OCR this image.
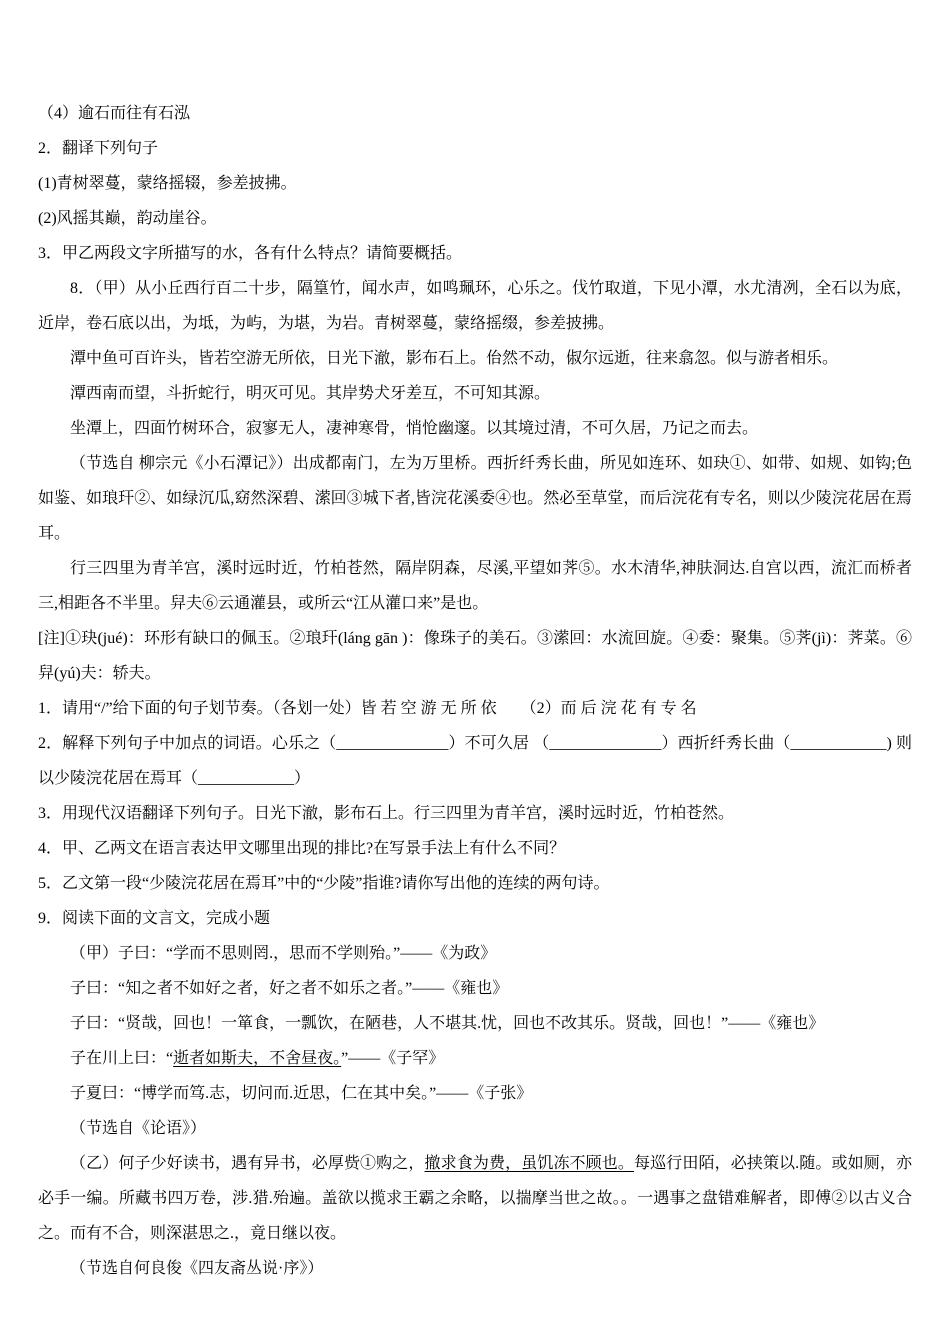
（4）逾石而往有石泓
2．翻译下列句子
(1)青树翠蔓，蒙络摇辍，参差披拂。
(2)风摇其巅，韵动崖谷。
3．甲乙两段文字所描写的水，各有什么特点？请简要概括。
8．（甲）从小丘西行百二十步，隔篁竹，闻水声，如鸣珮环，心乐之。伐竹取道，下见小潭，水尤清冽，全石以为底，近岸，卷石底以出，为坻，为屿，为堪，为岩。青树翠蔓，蒙络摇缀，参差披拂。
潭中鱼可百许头，皆若空游无所依，日光下澈，影布石上。佁然不动，俶尔远逝，往来翕忽。似与游者相乐。
潭西南而望，斗折蛇行，明灭可见。其岸势犬牙差互，不可知其源。
坐潭上，四面竹树环合，寂寥无人，凄神寒骨，悄怆幽邃。以其境过清，不可久居，乃记之而去。
（节选自 柳宗元《小石潭记》）出成都南门，左为万里桥。西折纤秀长曲，所见如连环、如玦①、如带、如规、如钩;色如鉴、如琅玕②、如绿沉瓜,窈然深碧、潆回③城下者,皆浣花溪委④也。然必至草堂，而后浣花有专名，则以少陵浣花居在焉耳。
行三四里为青羊宫，溪时远时近，竹柏苍然，隔岸阴森，尽溪,平望如荠⑤。水木清华,神肤洞达.自宫以西，流汇而桥者三,相距各不半里。舁夫⑥云通灌县，或所云“江从灌口来”是也。
[注]①玦(jué)：环形有缺口的佩玉。②琅玕(láng gān )：像珠子的美石。③潆回：水流回旋。④委：聚集。⑤荠(jì)：荠菜。⑥舁(yú)夫：轿夫。
1．请用“/”给下面的句子划节奏。（各划一处）皆 若 空 游 无 所 依　　（2）而 后 浣 花 有 专 名
2．解释下列句子中加点的词语。心乐之（______________）不可久居 （______________）西折纤秀长曲（____________) 则以少陵浣花居在焉耳（____________）
3．用现代汉语翻译下列句子。日光下澈，影布石上。行三四里为青羊宫，溪时远时近，竹柏苍然。
4．甲、乙两文在语言表达甲文哪里出现的排比?在写景手法上有什么不同？
5．乙文第一段“少陵浣花居在焉耳”中的“少陵”指谁?请你写出他的连续的两句诗。
9．阅读下面的文言文，完成小题
（甲）子曰：“学而不思则罔.，思而不学则殆。”——《为政》
子曰：“知之者不如好之者，好之者不如乐之者。”——《雍也》
子曰：“贤哉，回也！一箪食，一瓢饮，在陋巷，人不堪其.忧，回也不改其乐。贤哉，回也！”——《雍也》
子在川上曰：“逝者如斯夫，不舍昼夜。”——《子罕》
子夏曰：“博学而笃.志，切问而.近思，仁在其中矣。”——《子张》
（节选自《论语》）
（乙）何子少好读书，遇有异书，必厚赀①购之，撤求食为费，虽饥冻不顾也。每巡行田陌，必挟策以.随。或如厕，亦必手一编。所藏书四万卷，涉.猎.殆遍。盖欲以揽求王霸之余略，以揣摩当世之故。。一遇事之盘错难解者，即傅②以古义合之。而有不合，则深湛思之.，竟日继以夜。
（节选自何良俊《四友斋丛说·序》）
